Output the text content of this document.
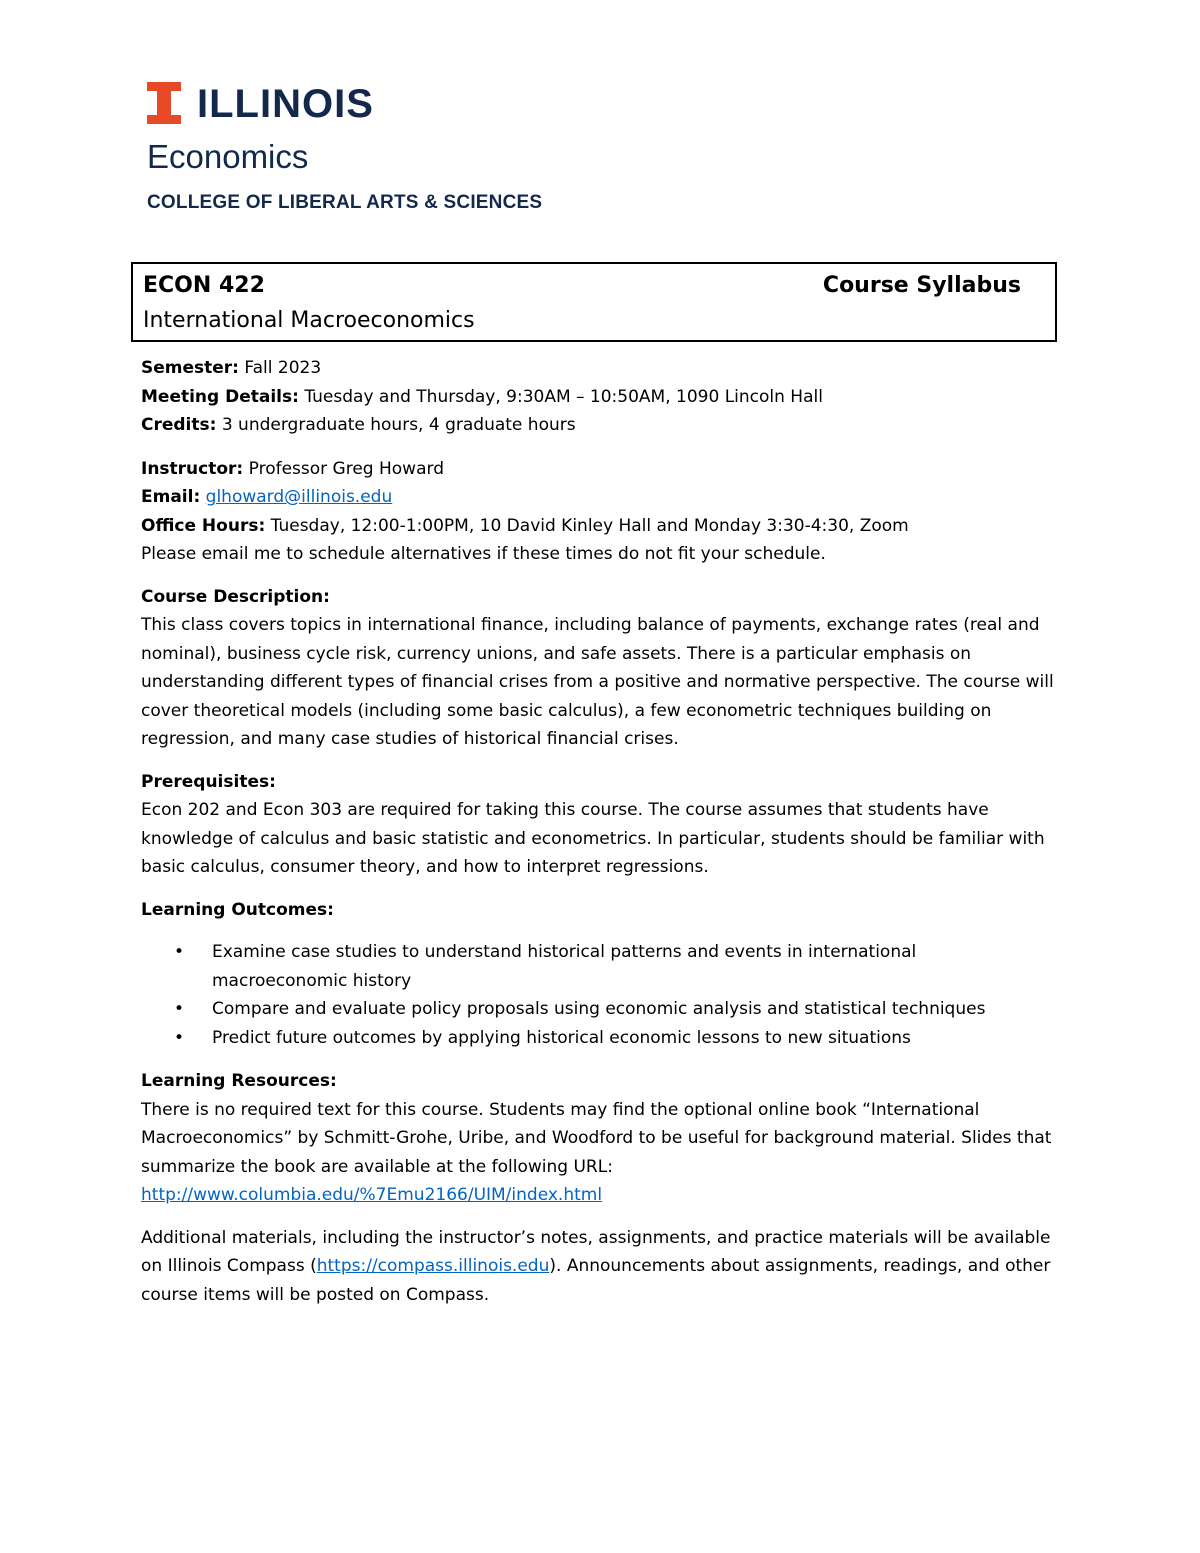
ILLINOIS
Economics
COLLEGE OF LIBERAL ARTS & SCIENCES
ECON 422	Course Syllabus
International Macroeconomics

Semester: Fall 2023

Meeting Details: Tuesday and Thursday, 9:30AM – 10:50AM, 1090 Lincoln Hall

Credits: 3 undergraduate hours, 4 graduate hours

Instructor: Professor Greg Howard

Email: glhoward@illinois.edu

Office Hours: Tuesday, 12:00-1:00PM, 10 David Kinley Hall and Monday 3:30-4:30, Zoom

Please email me to schedule alternatives if these times do not fit your schedule.

Course Description:

This class covers topics in international finance, including balance of payments, exchange rates (real and nominal), business cycle risk, currency unions, and safe assets. There is a particular emphasis on understanding different types of financial crises from a positive and normative perspective. The course will cover theoretical models (including some basic calculus), a few econometric techniques building on regression, and many case studies of historical financial crises.

Prerequisites:

Econ 202 and Econ 303 are required for taking this course. The course assumes that students have knowledge of calculus and basic statistic and econometrics. In particular, students should be familiar with basic calculus, consumer theory, and how to interpret regressions.

Learning Outcomes:

• Examine case studies to understand historical patterns and events in international macroeconomic history
• Compare and evaluate policy proposals using economic analysis and statistical techniques
• Predict future outcomes by applying historical economic lessons to new situations

Learning Resources:

There is no required text for this course. Students may find the optional online book “International Macroeconomics” by Schmitt-Grohe, Uribe, and Woodford to be useful for background material. Slides that summarize the book are available at the following URL:

http://www.columbia.edu/%7Emu2166/UIM/index.html

Additional materials, including the instructor’s notes, assignments, and practice materials will be available on Illinois Compass (https://compass.illinois.edu). Announcements about assignments, readings, and other course items will be posted on Compass.
